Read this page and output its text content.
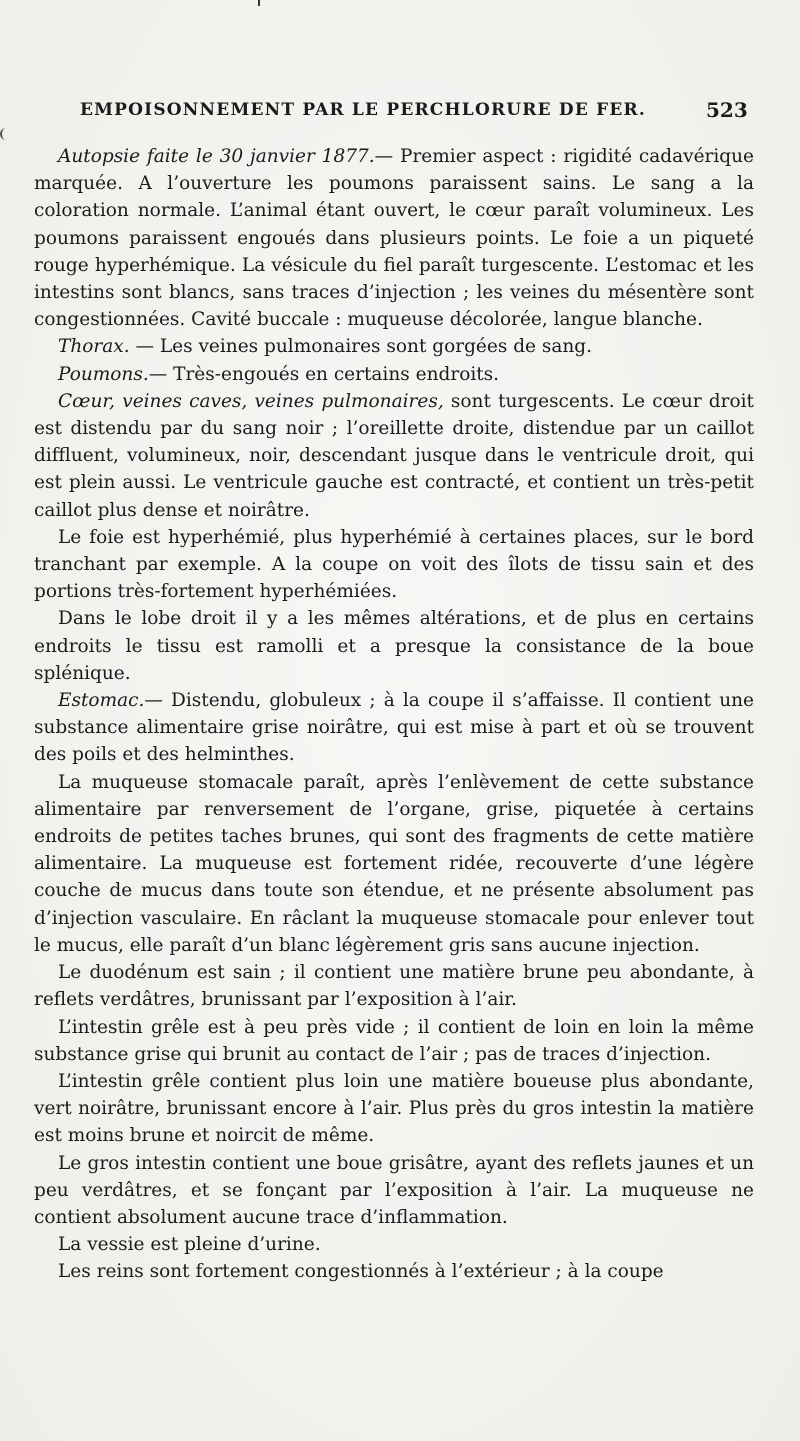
EMPOISONNEMENT PAR LE PERCHLORURE DE FER.	523

Autopsie faite le 30 janvier 1877.— Premier aspect : rigidité cadavérique marquée. A l’ouverture les poumons paraissent sains. Le sang a la coloration normale. L’animal étant ouvert, le cœur paraît volumineux. Les poumons paraissent engoués dans plusieurs points. Le foie a un piqueté rouge hyperhémique. La vésicule du fiel paraît turgescente. L’estomac et les intestins sont blancs, sans traces d’injection ; les veines du mésentère sont congestionnées. Cavité buccale : muqueuse décolorée, langue blanche.

Thorax. — Les veines pulmonaires sont gorgées de sang.

Poumons.— Très-engoués en certains endroits.

Cœur, veines caves, veines pulmonaires, sont turgescents. Le cœur droit est distendu par du sang noir ; l’oreillette droite, distendue par un caillot diffluent, volumineux, noir, descendant jusque dans le ventricule droit, qui est plein aussi. Le ventricule gauche est contracté, et contient un très-petit caillot plus dense et noirâtre.

Le foie est hyperhémié, plus hyperhémié à certaines places, sur le bord tranchant par exemple. A la coupe on voit des îlots de tissu sain et des portions très-fortement hyperhémiées.

Dans le lobe droit il y a les mêmes altérations, et de plus en certains endroits le tissu est ramolli et a presque la consistance de la boue splénique.

Estomac.— Distendu, globuleux ; à la coupe il s’affaisse. Il contient une substance alimentaire grise noirâtre, qui est mise à part et où se trouvent des poils et des helminthes.

La muqueuse stomacale paraît, après l’enlèvement de cette substance alimentaire par renversement de l’organe, grise, piquetée à certains endroits de petites taches brunes, qui sont des fragments de cette matière alimentaire. La muqueuse est fortement ridée, recouverte d’une légère couche de mucus dans toute son étendue, et ne présente absolument pas d’injection vasculaire. En râclant la muqueuse stomacale pour enlever tout le mucus, elle paraît d’un blanc légèrement gris sans aucune injection.

Le duodénum est sain ; il contient une matière brune peu abondante, à reflets verdâtres, brunissant par l’exposition à l’air.

L’intestin grêle est à peu près vide ; il contient de loin en loin la même substance grise qui brunit au contact de l’air ; pas de traces d’injection.

L’intestin grêle contient plus loin une matière boueuse plus abondante, vert noirâtre, brunissant encore à l’air. Plus près du gros intestin la matière est moins brune et noircit de même.

Le gros intestin contient une boue grisâtre, ayant des reflets jaunes et un peu verdâtres, et se fonçant par l’exposition à l’air. La muqueuse ne contient absolument aucune trace d’inflammation.

La vessie est pleine d’urine.

Les reins sont fortement congestionnés à l’extérieur ; à la coupe
